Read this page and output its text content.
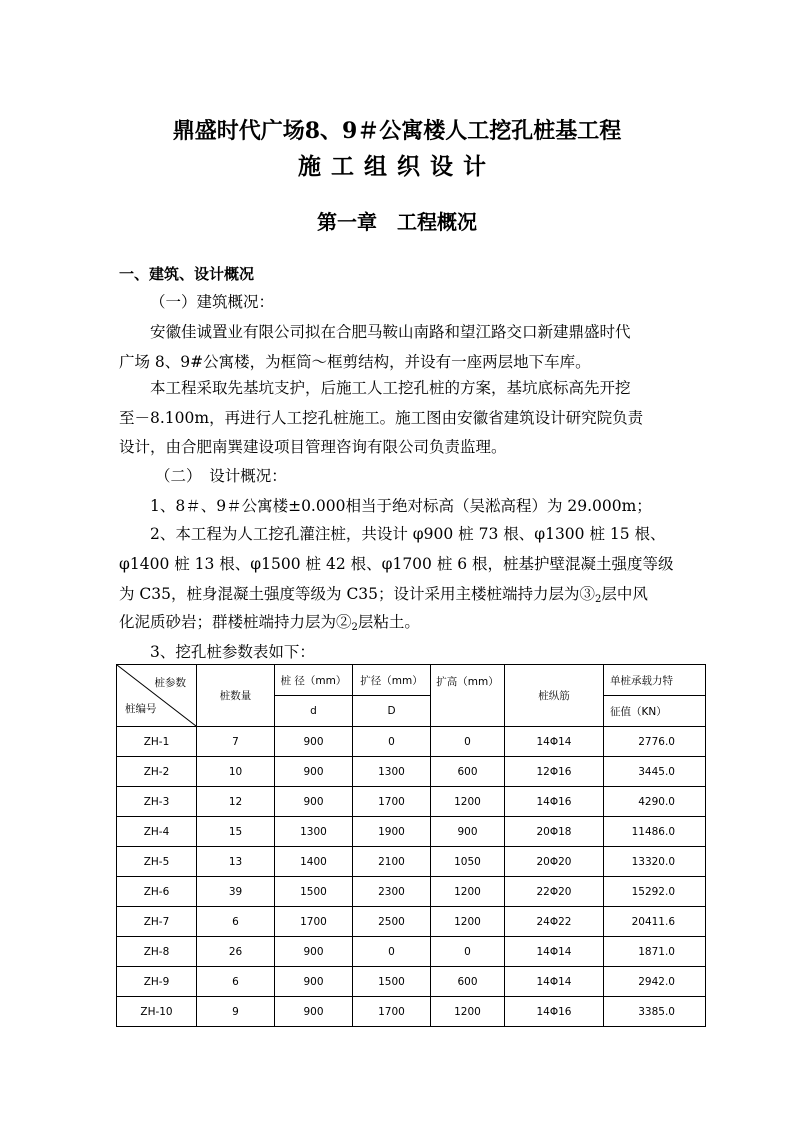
鼎盛时代广场8、9＃公寓楼人工挖孔桩基工程
施工组织设计
第一章　工程概况
一、建筑、设计概况
（一）建筑概况：
安徽佳诚置业有限公司拟在合肥马鞍山南路和望江路交口新建鼎盛时代
广场 8、9#公寓楼，为框筒～框剪结构，并设有一座两层地下车库。
本工程采取先基坑支护，后施工人工挖孔桩的方案，基坑底标高先开挖
至－8.100m，再进行人工挖孔桩施工。施工图由安徽省建筑设计研究院负责
设计，由合肥南巽建设项目管理咨询有限公司负责监理。
（二）　设计概况：
1、8＃、9＃公寓楼±0.000相当于绝对标高（吴淞高程）为 29.000m；
2、本工程为人工挖孔灌注桩，共设计 φ900 桩 73 根、φ1300 桩 15 根、
φ1400 桩 13 根、φ1500 桩 42 根、φ1700 桩 6 根，桩基护壁混凝土强度等级
为 C35，桩身混凝土强度等级为 C35；设计采用主楼桩端持力层为$③_2$层中风
化泥质砂岩；群楼桩端持力层为$②_2$层粘土。
3、挖孔桩参数表如下：
桩参数
桩编号	桩数量	桩 径（mm）	扩径（mm）	扩高（mm）	桩纵筋	单桩承载力特
		d	D			征值（KN）
ZH-1	7	900	0	0	14Φ14	2776.0
ZH-2	10	900	1300	600	12Φ16	3445.0
ZH-3	12	900	1700	1200	14Φ16	4290.0
ZH-4	15	1300	1900	900	20Φ18	11486.0
ZH-5	13	1400	2100	1050	20Φ20	13320.0
ZH-6	39	1500	2300	1200	22Φ20	15292.0
ZH-7	6	1700	2500	1200	24Φ22	20411.6
ZH-8	26	900	0	0	14Φ14	1871.0
ZH-9	6	900	1500	600	14Φ14	2942.0
ZH-10	9	900	1700	1200	14Φ16	3385.0
